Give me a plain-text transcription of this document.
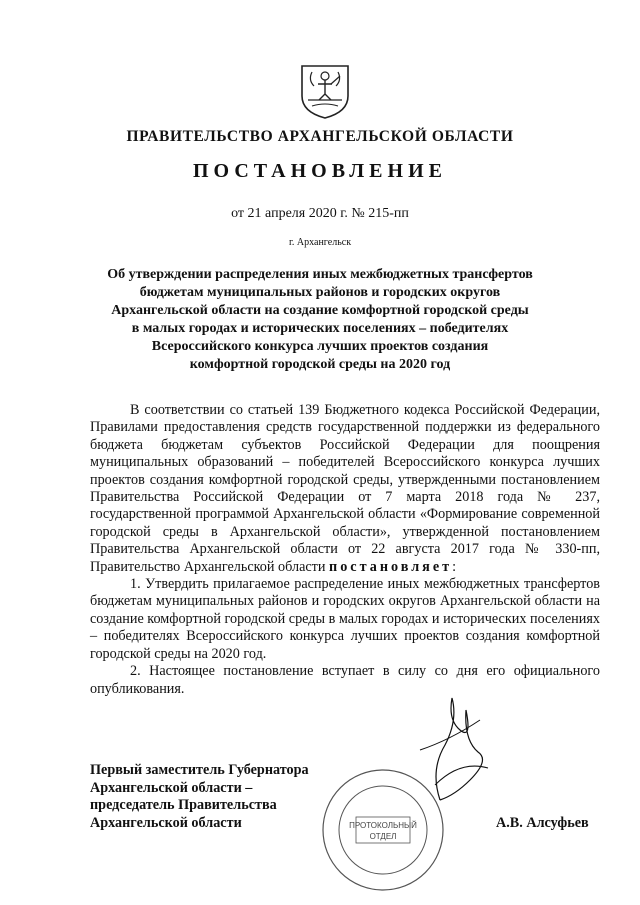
ПРАВИТЕЛЬСТВО АРХАНГЕЛЬСКОЙ ОБЛАСТИ
ПОСТАНОВЛЕНИЕ
от 21 апреля 2020 г. № 215-пп
г. Архангельск
Об утверждении распределения иных межбюджетных трансфертов
бюджетам муниципальных районов и городских округов
Архангельской области на создание комфортной городской среды
в малых городах и исторических поселениях – победителях
Всероссийского конкурса лучших проектов создания
комфортной городской среды на 2020 год

В соответствии со статьей 139 Бюджетного кодекса Российской Федерации, Правилами предоставления средств государственной поддержки из федерального бюджета бюджетам субъектов Российской Федерации для поощрения муниципальных образований – победителей Всероссийского конкурса лучших проектов создания комфортной городской среды, утвержденными постановлением Правительства Российской Федерации от 7 марта 2018 года № 237, государственной программой Архангельской области «Формирование современной городской среды в Архангельской области», утвержденной постановлением Правительства Архангельской области от 22 августа 2017 года № 330-пп, Правительство Архангельской области постановляет:

1. Утвердить прилагаемое распределение иных межбюджетных трансфертов бюджетам муниципальных районов и городских округов Архангельской области на создание комфортной городской среды в малых городах и исторических поселениях – победителях Всероссийского конкурса лучших проектов создания комфортной городской среды на 2020 год.

2. Настоящее постановление вступает в силу со дня его официального опубликования.

Первый заместитель Губернатора
Архангельской области –
председатель Правительства
Архангельской области	ПРОТОКОЛЬНЫЙ
ОТДЕЛ
А.В. Алсуфьев
